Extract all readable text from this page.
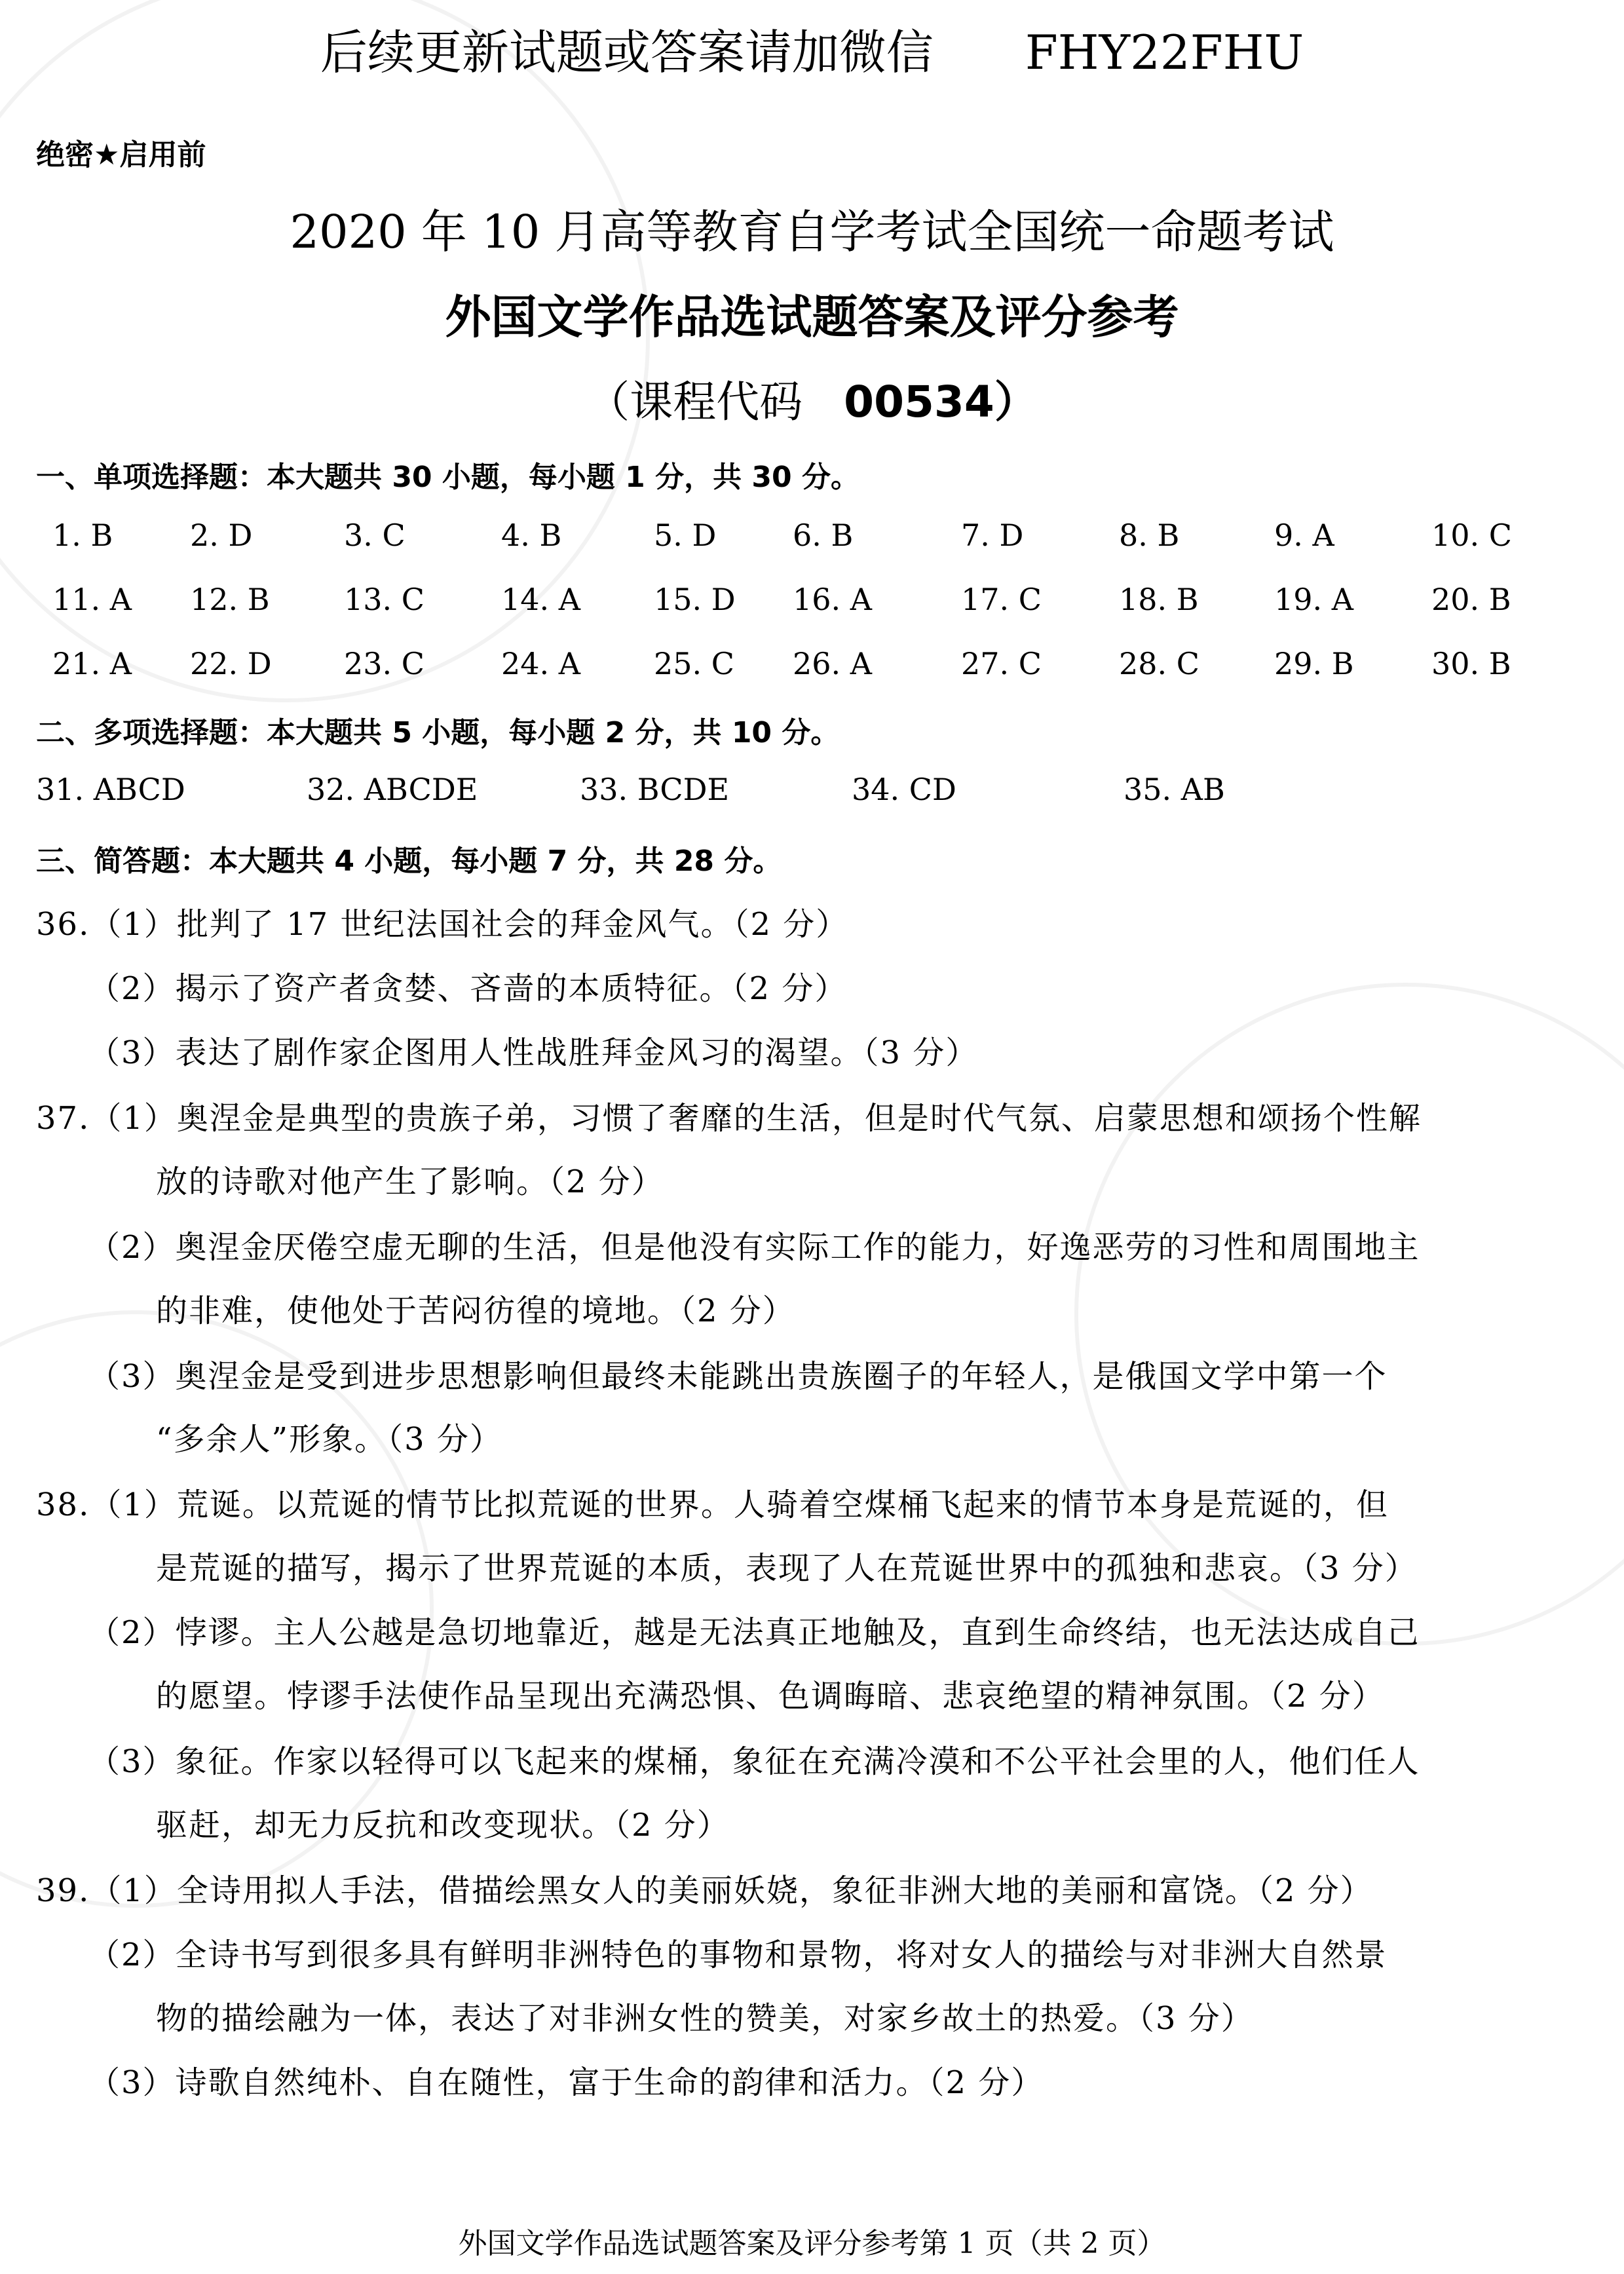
后续更新试题或答案请加微信 FHY22FHU
绝密★启用前
2020 年 10 月高等教育自学考试全国统一命题考试
外国文学作品选试题答案及评分参考
（课程代码 00534）
一、单项选择题：本大题共 30 小题，每小题 1 分，共 30 分。
1. B	2. D	3. C	4. B	5. D	6. B	7. D	8. B	9. A	10. C
11. A 12. B 13. C	14. A 15. D 16. A	17. C	18. B	19. A	20. B
21. A 22. D 23. C	24. A 25. C 26. A	27. C	28. C 29. B	30. B
二、多项选择题：本大题共 5 小题，每小题 2 分，共 10 分。
31. ABCD	32. ABCDE	33. BCDE	34. CD	35. AB
三、简答题：本大题共 4 小题，每小题 7 分，共 28 分。
36.（1）批判了 17 世纪法国社会的拜金风气。（2 分）
（2）揭示了资产者贪婪、吝啬的本质特征。（2 分）
（3）表达了剧作家企图用人性战胜拜金风习的渴望。（3 分）
37.（1）奥涅金是典型的贵族子弟，习惯了奢靡的生活，但是时代气氛、启蒙思想和颂扬个性解
放的诗歌对他产生了影响。（2 分）
（2）奥涅金厌倦空虚无聊的生活，但是他没有实际工作的能力，好逸恶劳的习性和周围地主
的非难，使他处于苦闷彷徨的境地。（2 分）
（3）奥涅金是受到进步思想影响但最终未能跳出贵族圈子的年轻人，是俄国文学中第一个
“多余人”形象。（3 分）
38.（1）荒诞。以荒诞的情节比拟荒诞的世界。人骑着空煤桶飞起来的情节本身是荒诞的，但
是荒诞的描写，揭示了世界荒诞的本质，表现了人在荒诞世界中的孤独和悲哀。（3 分）
（2）悖谬。主人公越是急切地靠近，越是无法真正地触及，直到生命终结，也无法达成自己
的愿望。悖谬手法使作品呈现出充满恐惧、色调晦暗、悲哀绝望的精神氛围。（2 分）
（3）象征。作家以轻得可以飞起来的煤桶，象征在充满冷漠和不公平社会里的人，他们任人
驱赶，却无力反抗和改变现状。（2 分）
39.（1）全诗用拟人手法，借描绘黑女人的美丽妖娆，象征非洲大地的美丽和富饶。（2 分）
（2）全诗书写到很多具有鲜明非洲特色的事物和景物，将对女人的描绘与对非洲大自然景
物的描绘融为一体，表达了对非洲女性的赞美，对家乡故土的热爱。（3 分）
（3）诗歌自然纯朴、自在随性，富于生命的韵律和活力。（2 分）
外国文学作品选试题答案及评分参考第 1 页（共 2 页）
